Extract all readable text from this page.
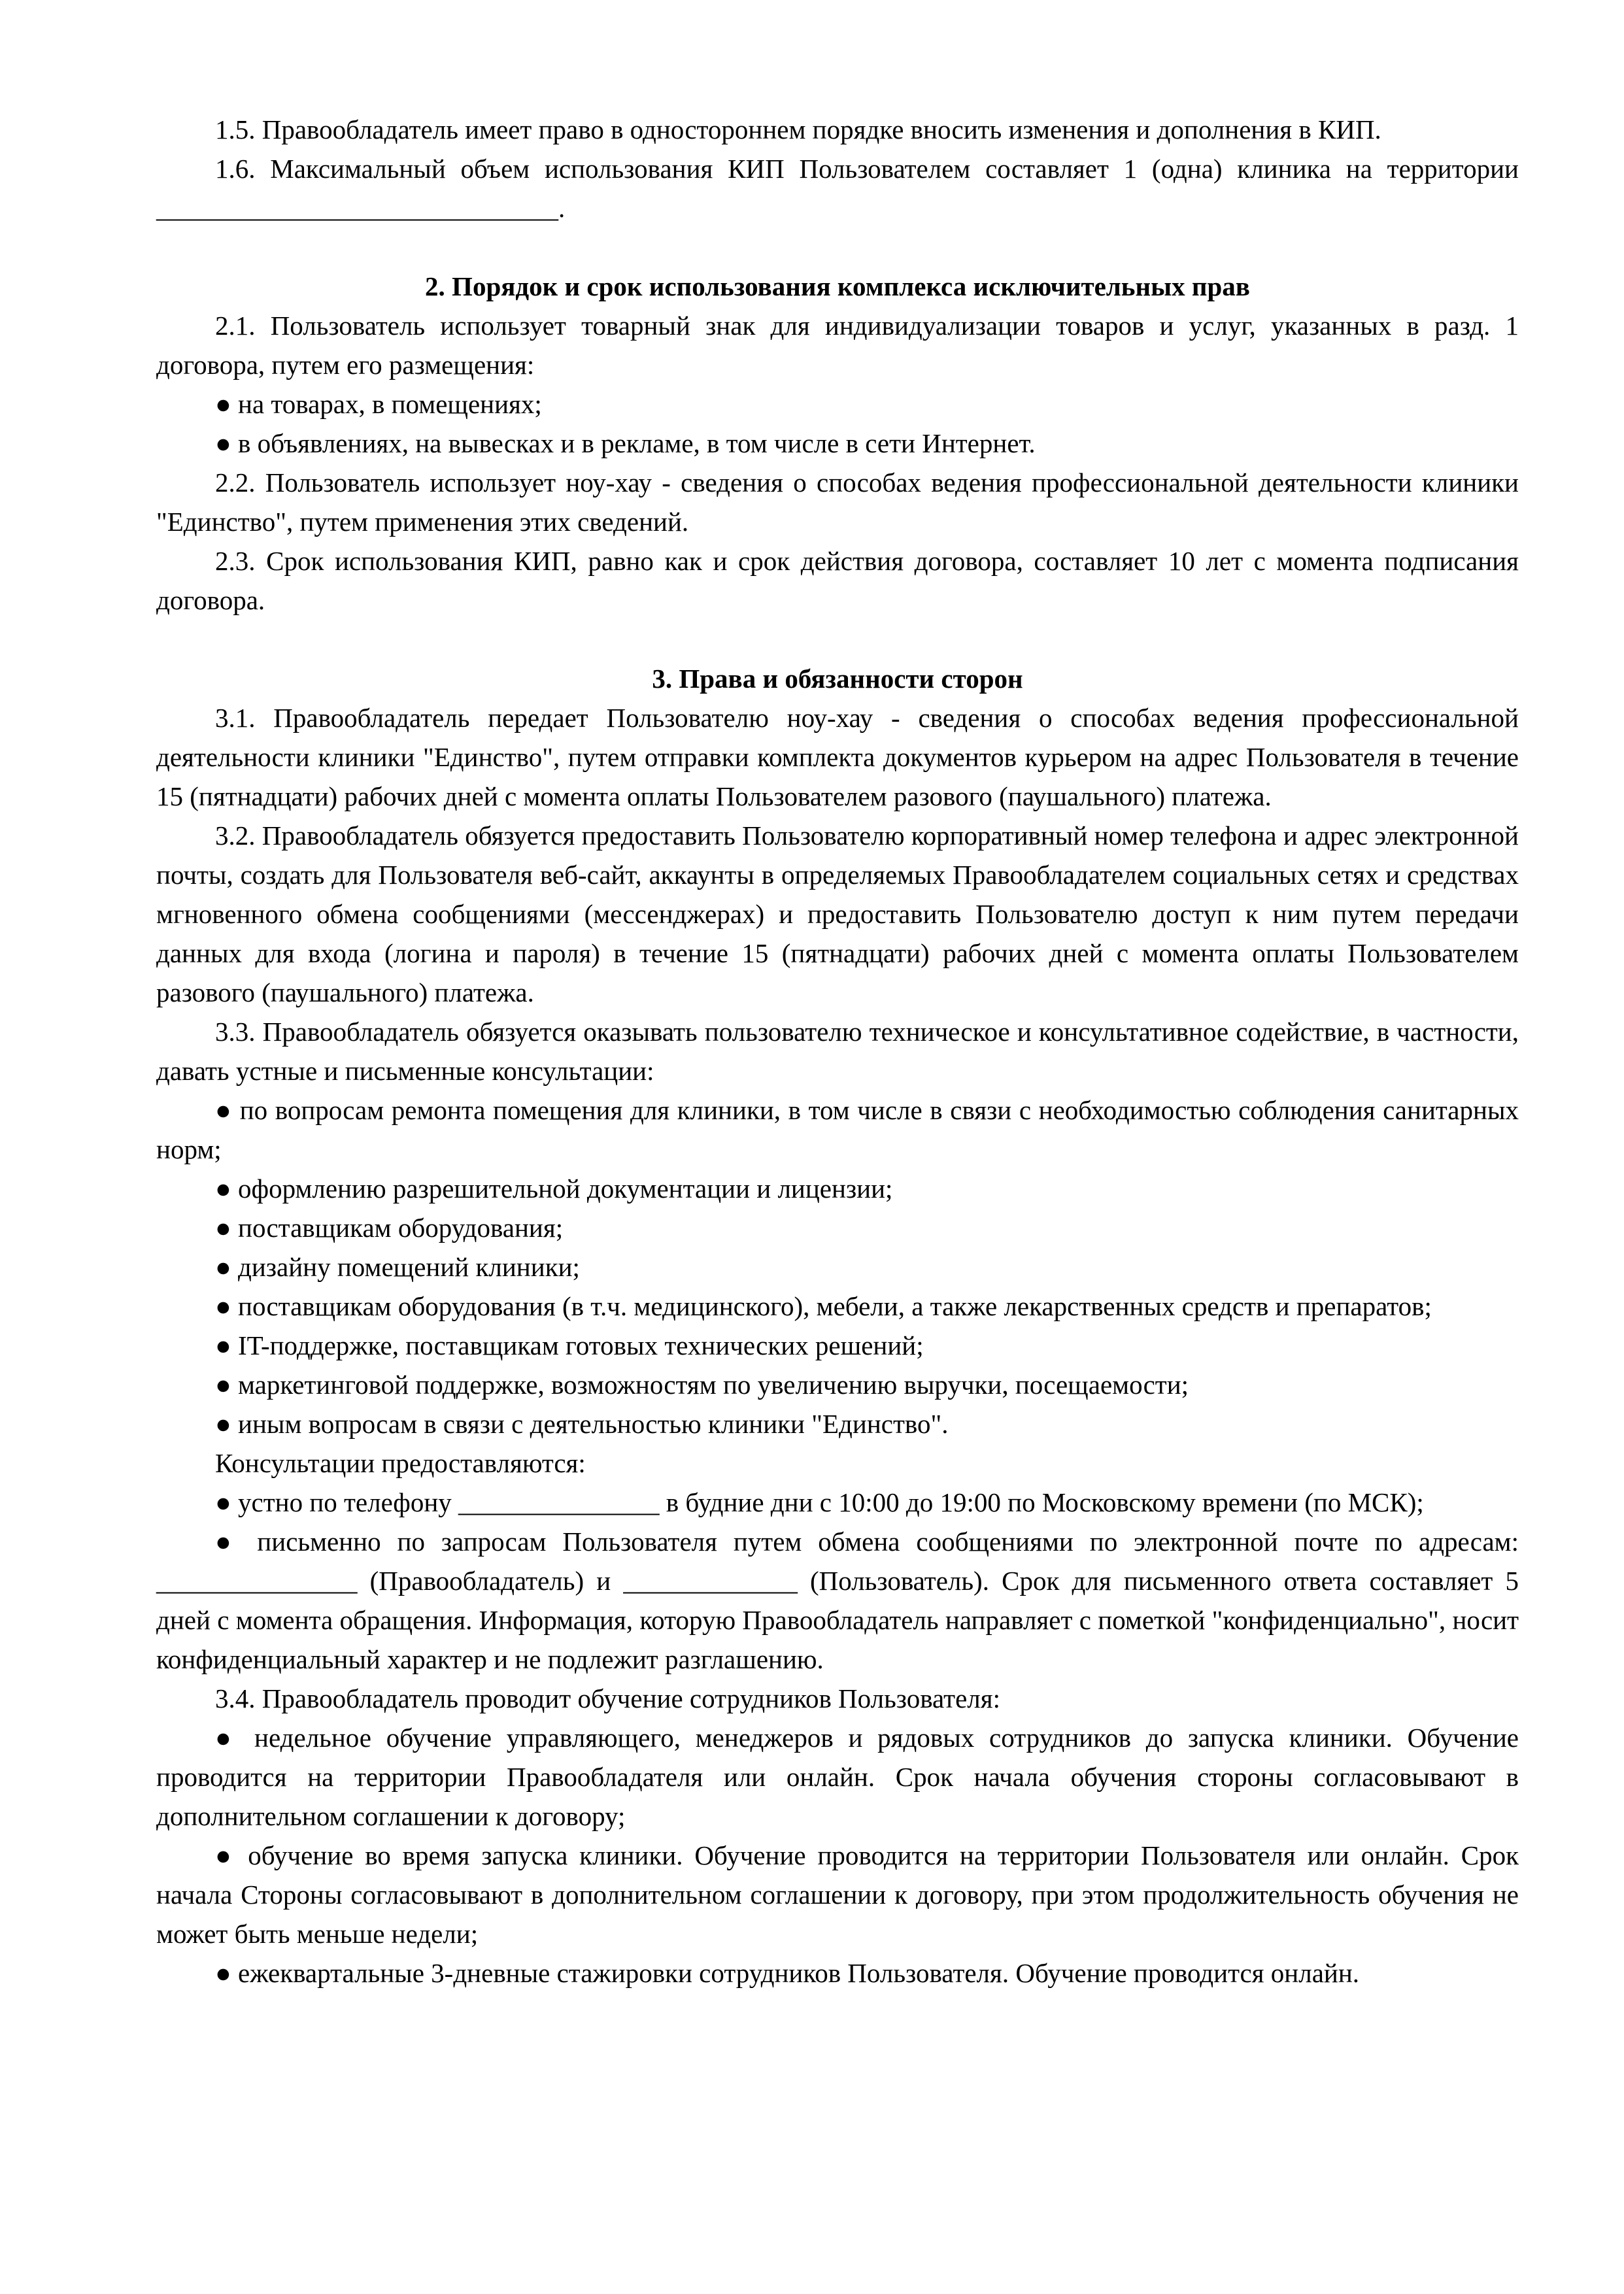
1.5. Правообладатель имеет право в одностороннем порядке вносить изменения и дополнения в КИП.

1.6. Максимальный объем использования КИП Пользователем составляет 1 (одна) клиника на территории ______________________________.

2. Порядок и срок использования комплекса исключительных прав

2.1. Пользователь использует товарный знак для индивидуализации товаров и услуг, указанных в разд. 1 договора, путем его размещения:

● на товарах, в помещениях;

● в объявлениях, на вывесках и в рекламе, в том числе в сети Интернет.

2.2. Пользователь использует ноу-хау - сведения о способах ведения профессиональной деятельности клиники "Единство", путем применения этих сведений.

2.3. Срок использования КИП, равно как и срок действия договора, составляет 10 лет с момента подписания договора.

3. Права и обязанности сторон

3.1. Правообладатель передает Пользователю ноу-хау - сведения о способах ведения профессиональной деятельности клиники "Единство", путем отправки комплекта документов курьером на адрес Пользователя в течение 15 (пятнадцати) рабочих дней с момента оплаты Пользователем разового (паушального) платежа.

3.2. Правообладатель обязуется предоставить Пользователю корпоративный номер телефона и адрес электронной почты, создать для Пользователя веб-сайт, аккаунты в определяемых Правообладателем социальных сетях и средствах мгновенного обмена сообщениями (мессенджерах) и предоставить Пользователю доступ к ним путем передачи данных для входа (логина и пароля) в течение 15 (пятнадцати) рабочих дней с момента оплаты Пользователем разового (паушального) платежа.

3.3. Правообладатель обязуется оказывать пользователю техническое и консультативное содействие, в частности, давать устные и письменные консультации:

● по вопросам ремонта помещения для клиники, в том числе в связи с необходимостью соблюдения санитарных норм;

● оформлению разрешительной документации и лицензии;

● поставщикам оборудования;

● дизайну помещений клиники;

● поставщикам оборудования (в т.ч. медицинского), мебели, а также лекарственных средств и препаратов;

● IT-поддержке, поставщикам готовых технических решений;

● маркетинговой поддержке, возможностям по увеличению выручки, посещаемости;

● иным вопросам в связи с деятельностью клиники "Единство".

Консультации предоставляются:

● устно по телефону _______________ в будние дни с 10:00 до 19:00 по Московскому времени (по МСК);

● письменно по запросам Пользователя путем обмена сообщениями по электронной почте по адресам: _______________ (Правообладатель) и _____________ (Пользователь). Срок для письменного ответа составляет 5 дней с момента обращения. Информация, которую Правообладатель направляет с пометкой "конфиденциально", носит конфиденциальный характер и не подлежит разглашению.

3.4. Правообладатель проводит обучение сотрудников Пользователя:

● недельное обучение управляющего, менеджеров и рядовых сотрудников до запуска клиники. Обучение проводится на территории Правообладателя или онлайн. Срок начала обучения стороны согласовывают в дополнительном соглашении к договору;

● обучение во время запуска клиники. Обучение проводится на территории Пользователя или онлайн. Срок начала Стороны согласовывают в дополнительном соглашении к договору, при этом продолжительность обучения не может быть меньше недели;

● ежеквартальные 3-дневные стажировки сотрудников Пользователя. Обучение проводится онлайн.
